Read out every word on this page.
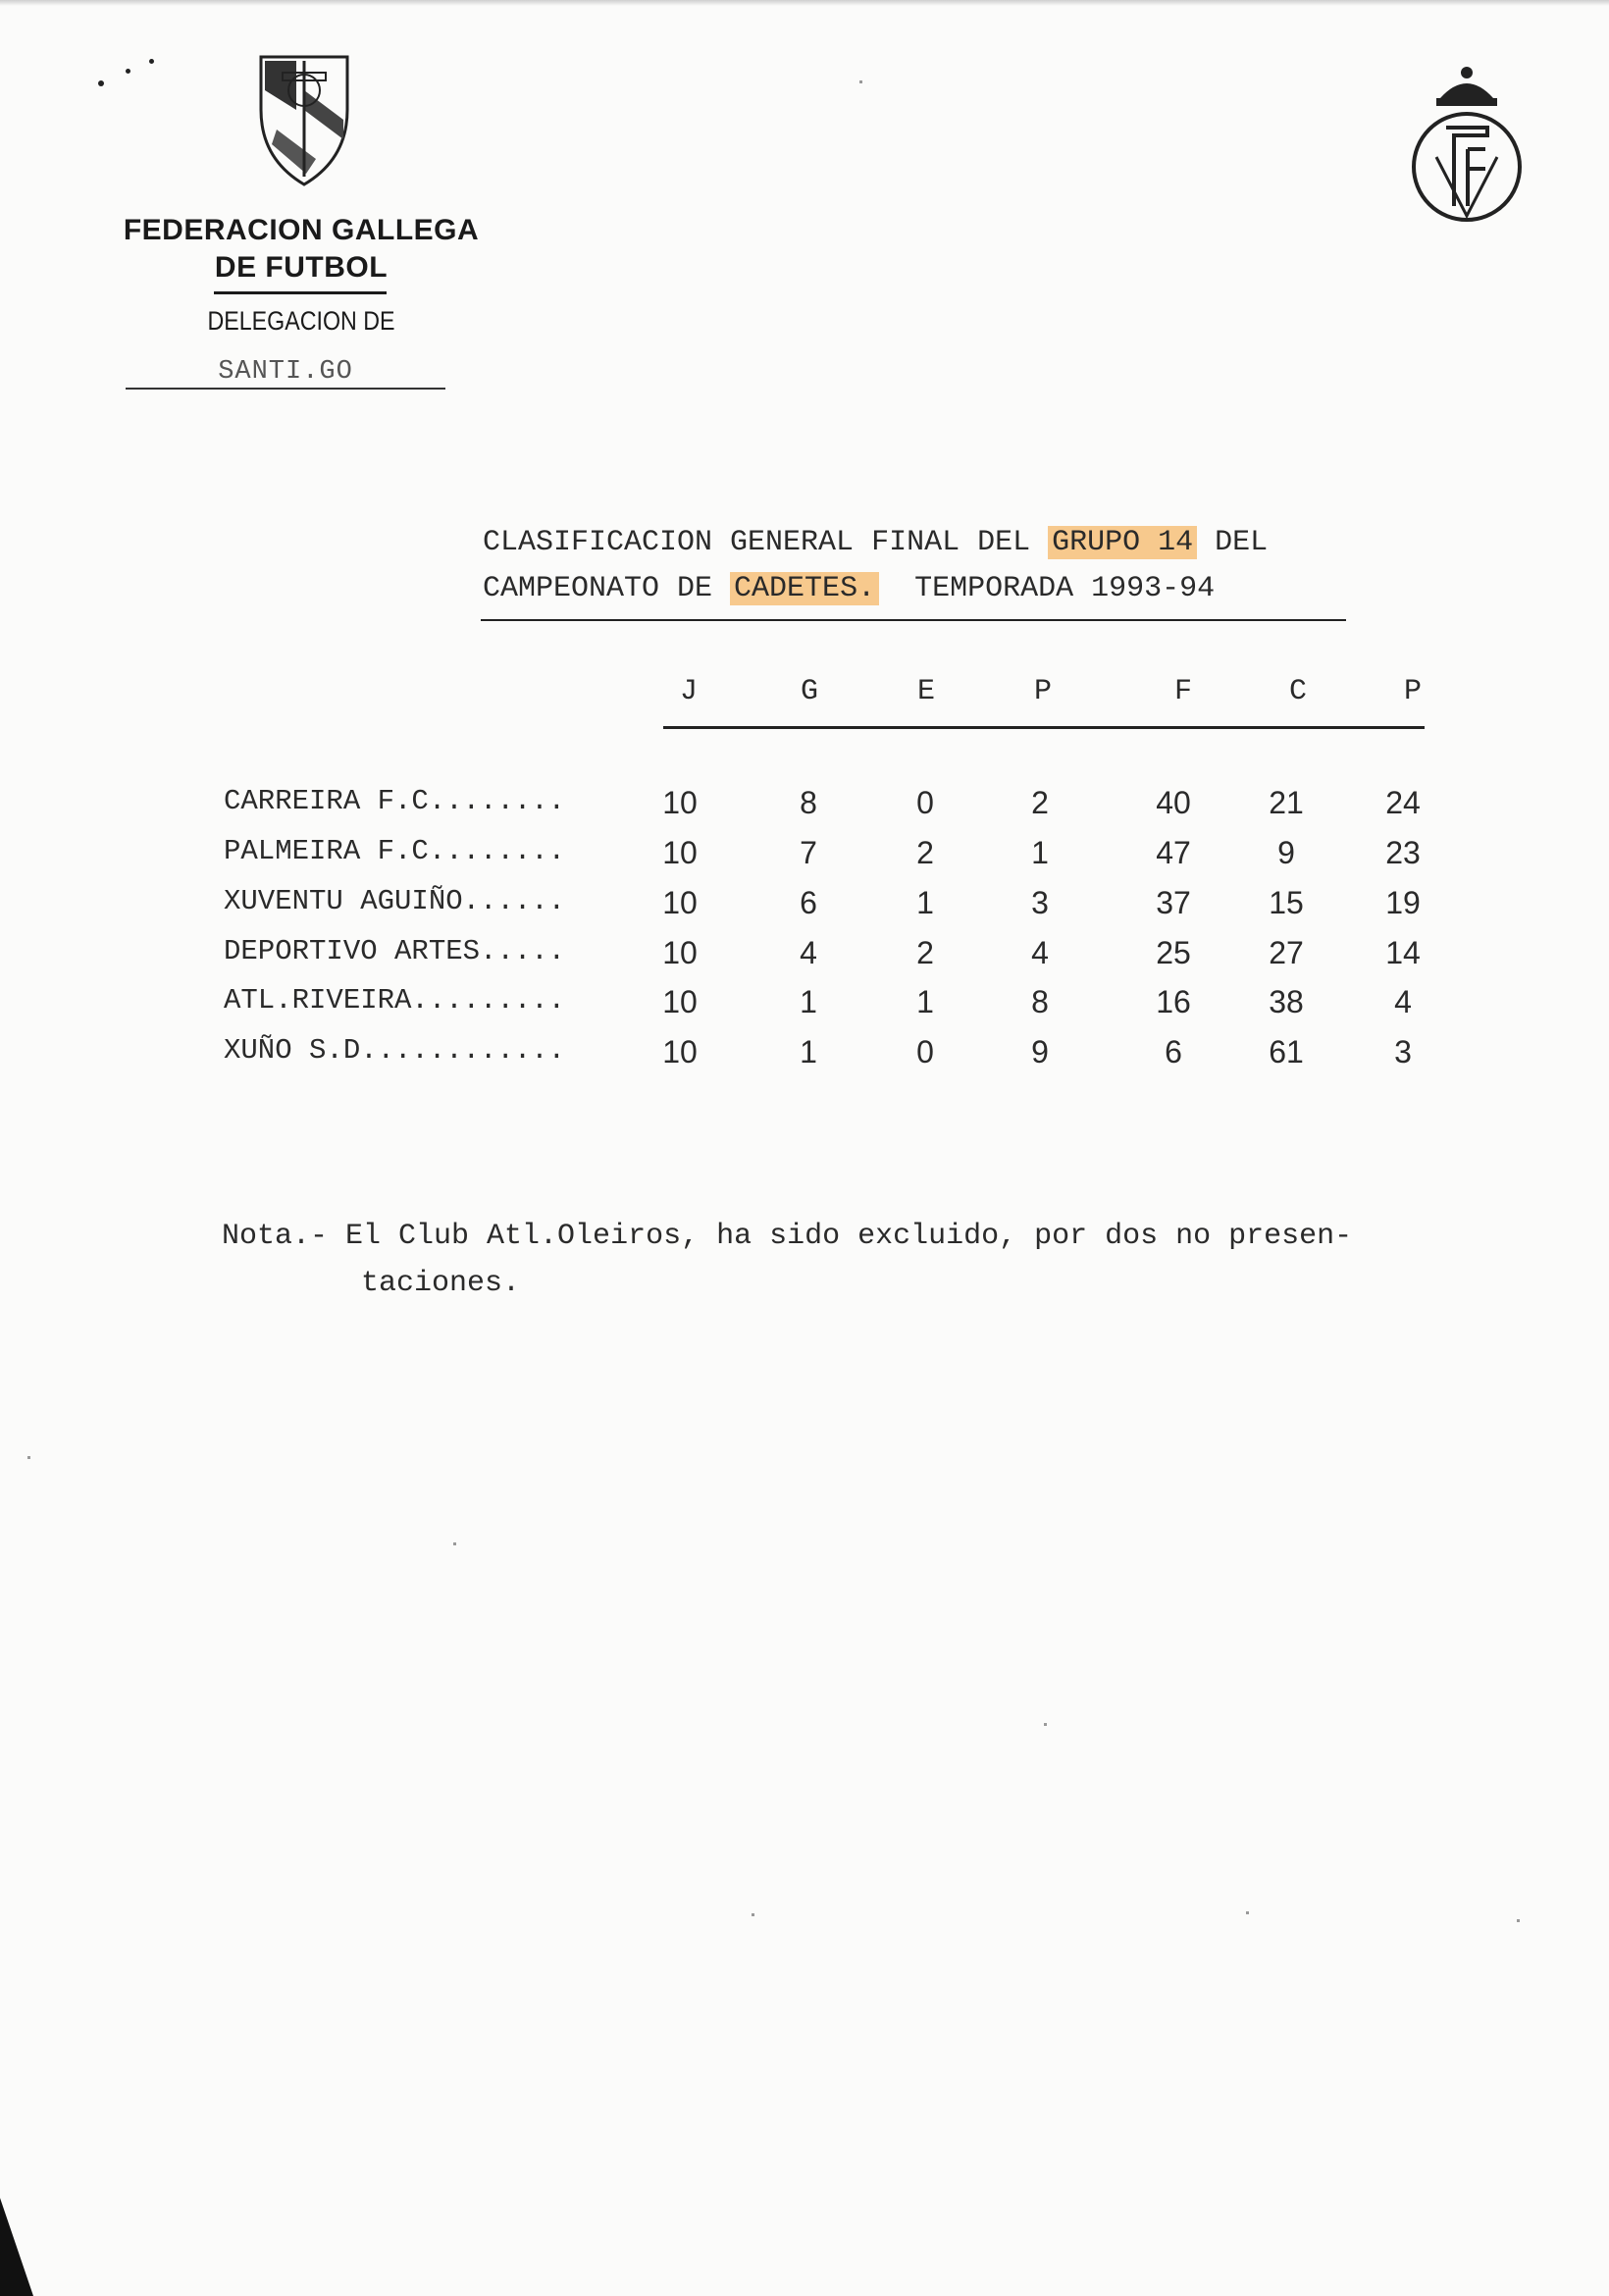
FEDERACION GALLEGA
DE FUTBOL
DELEGACION DE
SANTI.GO
CLASIFICACION GENERAL FINAL DEL GRUPO 14 DEL
CAMPEONATO DE CADETES.  TEMPORADA 1993-94
J	G	E	P	F	C	P
CARREIRA F.C........	10	8	0	2	40	21	24
PALMEIRA F.C........	10	7	2	1	47	9	23
XUVENTU AGUIÑO......	10	6	1	3	37	15	19
DEPORTIVO ARTES.....	10	4	2	4	25	27	14
ATL.RIVEIRA.........	10	1	1	8	16	38	4
XUÑO S.D............	10	1	0	9	6	61	3
Nota.- El Club Atl.Oleiros, ha sido excluido, por dos no presen-
taciones.
